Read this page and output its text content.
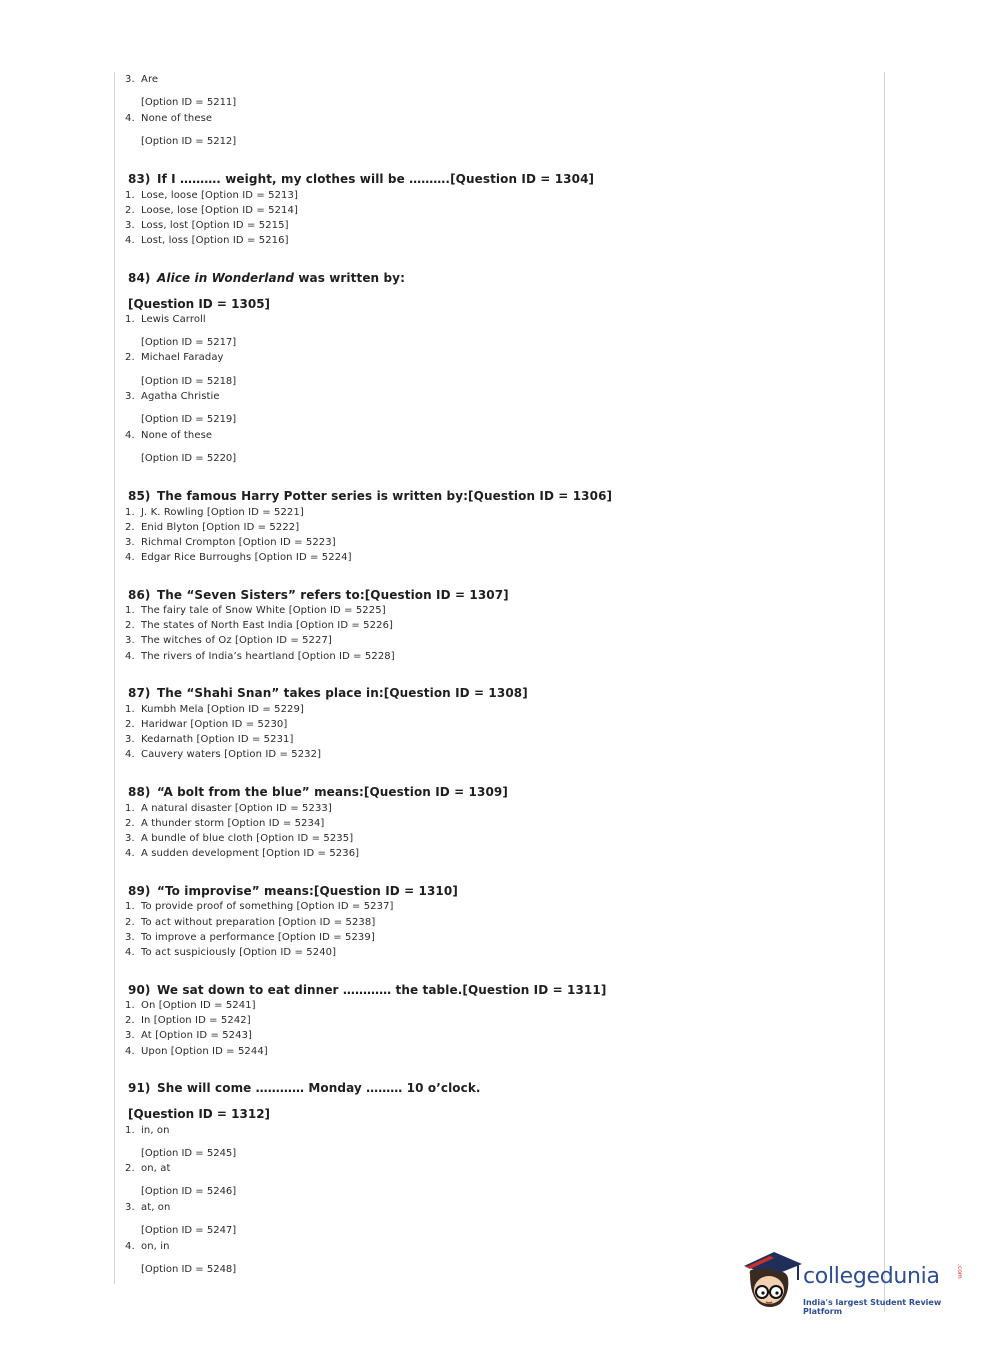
3. Are
[Option ID = 5211]
4. None of these
[Option ID = 5212]
83) If I ………. weight, my clothes will be ……….[Question ID = 1304]
1. Lose, loose [Option ID = 5213]
2. Loose, lose [Option ID = 5214]
3. Loss, lost [Option ID = 5215]
4. Lost, loss [Option ID = 5216]
84) Alice in Wonderland was written by:
[Question ID = 1305]
1. Lewis Carroll
[Option ID = 5217]
2. Michael Faraday
[Option ID = 5218]
3. Agatha Christie
[Option ID = 5219]
4. None of these
[Option ID = 5220]
85) The famous Harry Potter series is written by:[Question ID = 1306]
1. J. K. Rowling [Option ID = 5221]
2. Enid Blyton [Option ID = 5222]
3. Richmal Crompton [Option ID = 5223]
4. Edgar Rice Burroughs [Option ID = 5224]
86) The “Seven Sisters” refers to:[Question ID = 1307]
1. The fairy tale of Snow White [Option ID = 5225]
2. The states of North East India [Option ID = 5226]
3. The witches of Oz [Option ID = 5227]
4. The rivers of India’s heartland [Option ID = 5228]
87) The “Shahi Snan” takes place in:[Question ID = 1308]
1. Kumbh Mela [Option ID = 5229]
2. Haridwar [Option ID = 5230]
3. Kedarnath [Option ID = 5231]
4. Cauvery waters [Option ID = 5232]
88) “A bolt from the blue” means:[Question ID = 1309]
1. A natural disaster [Option ID = 5233]
2. A thunder storm [Option ID = 5234]
3. A bundle of blue cloth [Option ID = 5235]
4. A sudden development [Option ID = 5236]
89) “To improvise” means:[Question ID = 1310]
1. To provide proof of something [Option ID = 5237]
2. To act without preparation [Option ID = 5238]
3. To improve a performance [Option ID = 5239]
4. To act suspiciously [Option ID = 5240]
90) We sat down to eat dinner ………… the table.[Question ID = 1311]
1. On [Option ID = 5241]
2. In [Option ID = 5242]
3. At [Option ID = 5243]
4. Upon [Option ID = 5244]
91) She will come ………… Monday ……… 10 o’clock.
[Question ID = 1312]
1. in, on
[Option ID = 5245]
2. on, at
[Option ID = 5246]
3. at, on
[Option ID = 5247]
4. on, in
[Option ID = 5248]	collegedunia	.com
India's largest Student Review Platform
